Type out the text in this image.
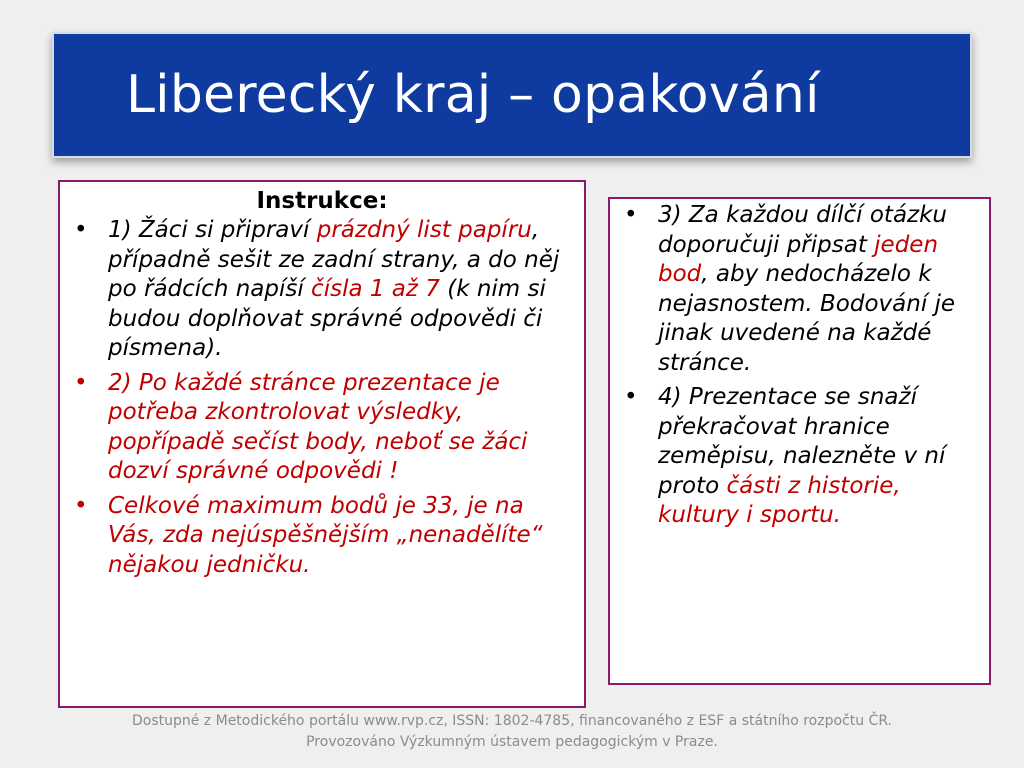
Liberecký kraj – opakování
Instrukce:
• 1) Žáci si připraví prázdný list papíru, případně sešit ze zadní strany, a do něj po řádcích napíší čísla 1 až 7 (k nim si budou doplňovat správné odpovědi či písmena).
• 2) Po každé stránce prezentace je potřeba zkontrolovat výsledky, popřípadě sečíst body, neboť se žáci dozví správné odpovědi !
• Celkové maximum bodů je 33, je na Vás, zda nejúspěšnějším „nenadělíte“ nějakou jedničku.
• 3) Za každou dílčí otázku doporučuji připsat jeden bod, aby nedocházelo k nejasnostem. Bodování je jinak uvedené na každé stránce.
• 4) Prezentace se snaží překračovat hranice zeměpisu, nalezněte v ní proto části z historie, kultury i sportu.
Dostupné z Metodického portálu www.rvp.cz, ISSN: 1802-4785, financovaného z ESF a státního rozpočtu ČR.
Provozováno Výzkumným ústavem pedagogickým v Praze.
